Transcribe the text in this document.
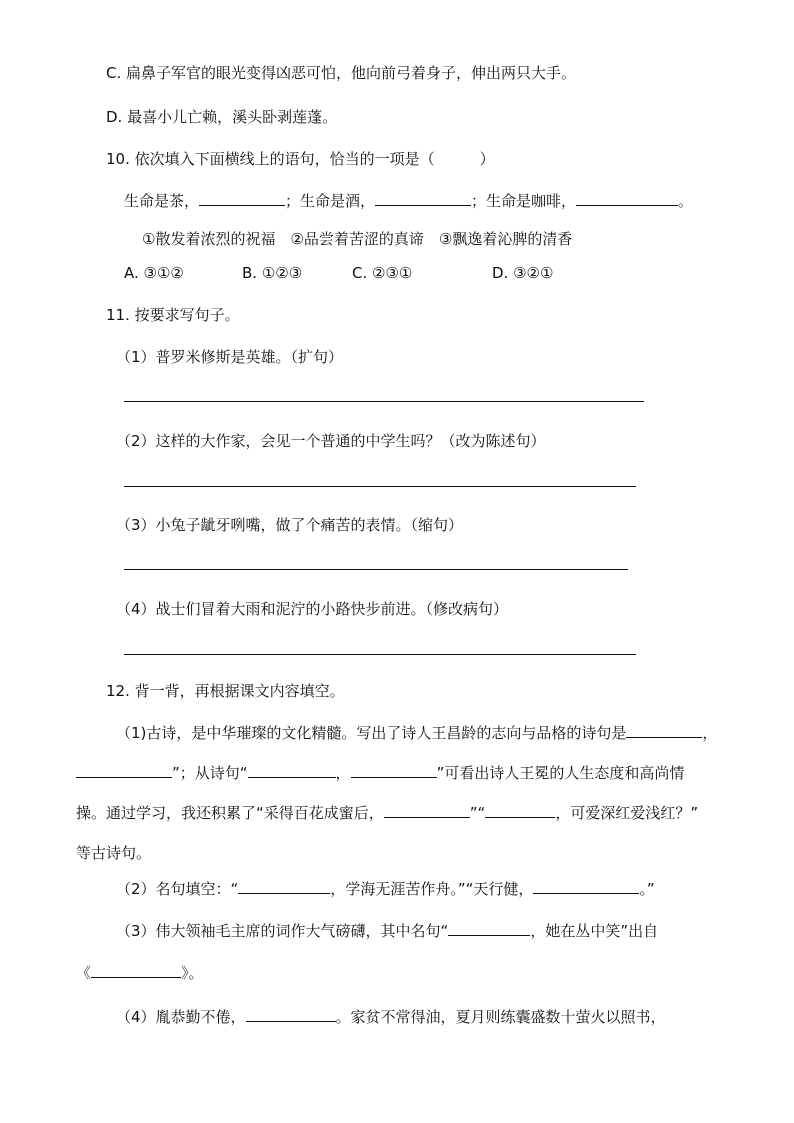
C. 扁鼻子军官的眼光变得凶恶可怕，他向前弓着身子，伸出两只大手。
D. 最喜小儿亡赖，溪头卧剥莲蓬。
10. 依次填入下面横线上的语句，恰当的一项是（　　　）
生命是茶，	；生命是酒，	；生命是咖啡，	。
①散发着浓烈的祝福　②品尝着苦涩的真谛　③飘逸着沁脾的清香
A. ③①②	B. ①②③	C. ②③①	D. ③②①
11. 按要求写句子。
（1）普罗米修斯是英雄。（扩句）
（2）这样的大作家，会见一个普通的中学生吗？（改为陈述句）
（3）小兔子龇牙咧嘴，做了个痛苦的表情。（缩句）
（4）战士们冒着大雨和泥泞的小路快步前进。（修改病句）
12. 背一背，再根据课文内容填空。
（1)古诗，是中华璀璨的文化精髓。写出了诗人王昌龄的志向与品格的诗句是	，
”；从诗句“	，	”可看出诗人王冕的人生态度和高尚情
操。通过学习，我还积累了“采得百花成蜜后，	”“	，可爱深红爱浅红？”
等古诗句。
（2）名句填空：“	，学海无涯苦作舟。”“天行健，	。”
（3）伟大领袖毛主席的词作大气磅礴，其中名句“	，她在丛中笑”出自
《	》。
（4）胤恭勤不倦，	。家贫不常得油，夏月则练囊盛数十萤火以照书，
